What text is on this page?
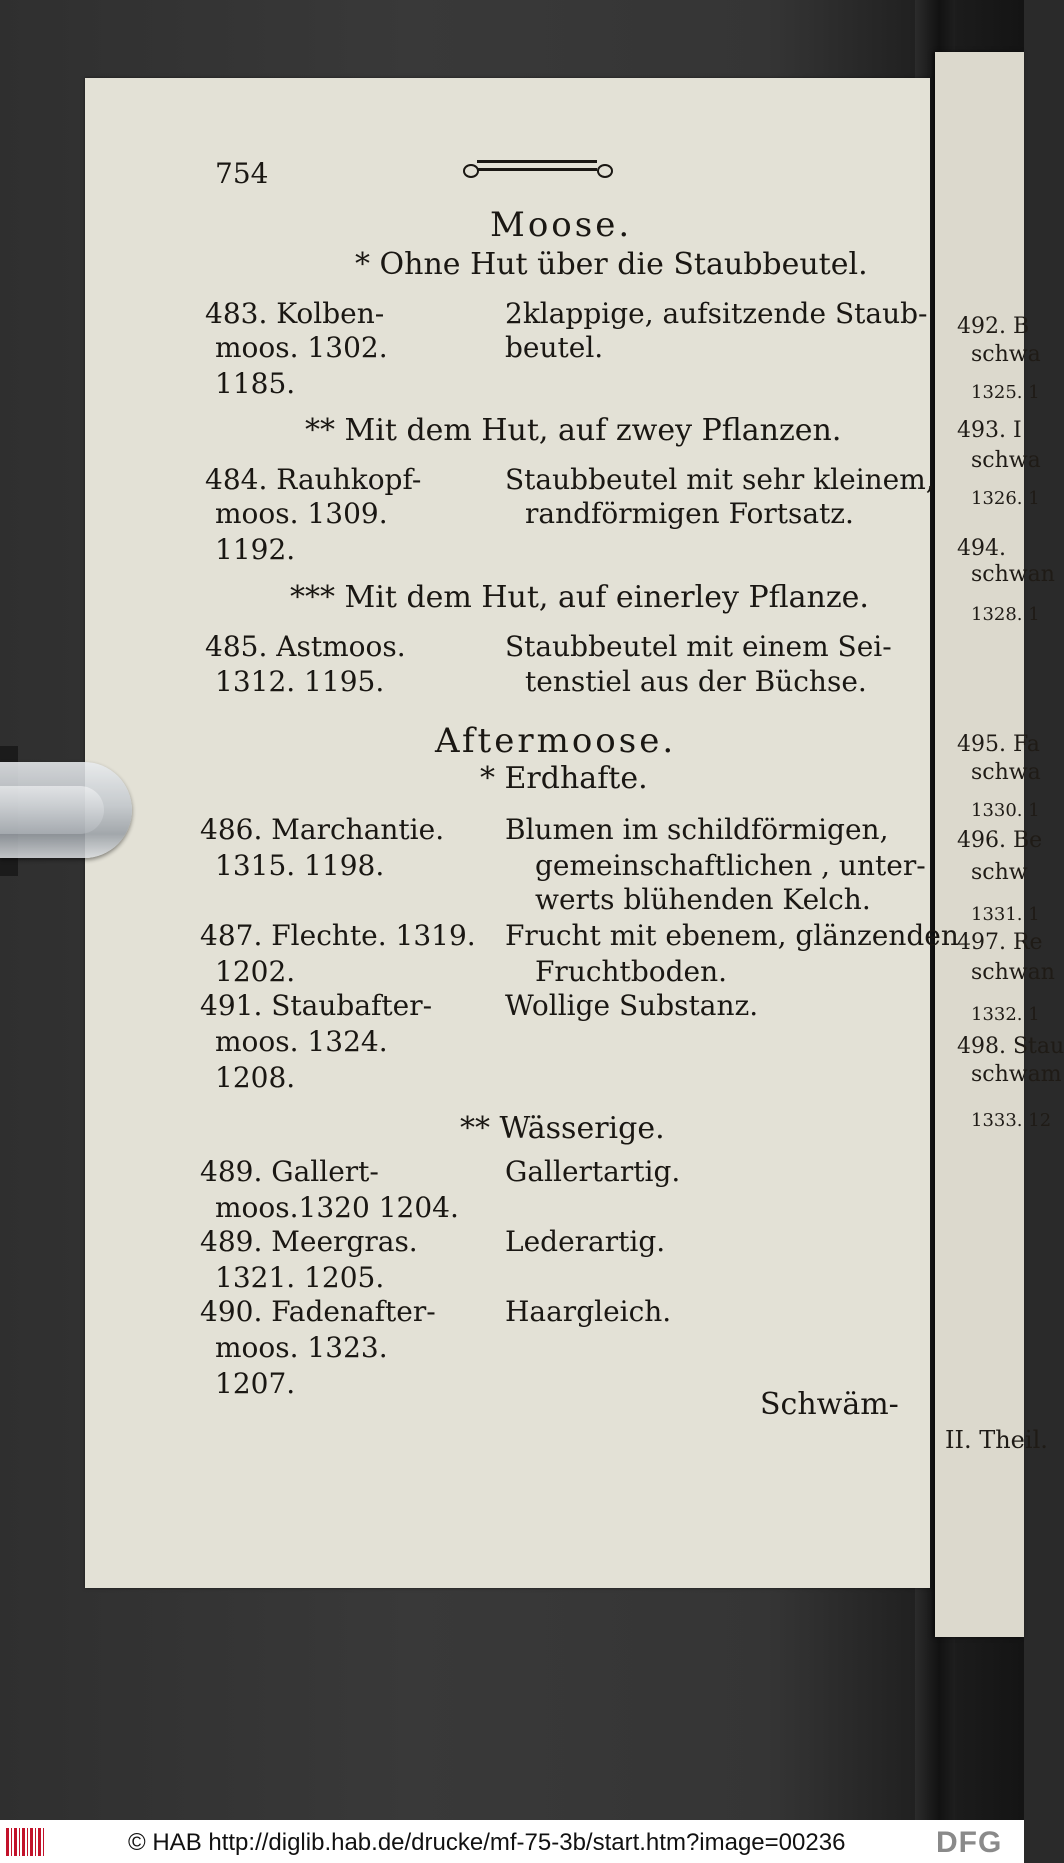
492. B
schwa
1325. 1
493. I
schwa
1326. 1
494.
schwan
1328. 1
495. Fa
schwa
1330. 1
496. Be
schw
1331. 1
497. Re
schwan
1332. 1
498. Stau
schwam
1333. 12
II. Theil.
754
Moose.
* Ohne Hut über die Staubbeutel.
483. Kolben-
moos. 1302.
1185.
2klappige, aufsitzende Staub-
beutel.
** Mit dem Hut, auf zwey Pflanzen.
484. Rauhkopf-
moos. 1309.
1192.
Staubbeutel mit sehr kleinem,
randförmigen Fortsatz.
*** Mit dem Hut, auf einerley Pflanze.
485. Astmoos.
1312. 1195.
Staubbeutel mit einem Sei-
tenstiel aus der Büchse.
Aftermoose.
* Erdhafte.
486. Marchantie.
1315. 1198.
Blumen im schildförmigen,
gemeinschaftlichen , unter-
werts blühenden Kelch.
487. Flechte. 1319.
1202.
Frucht mit ebenem, glänzenden
Fruchtboden.
491. Staubafter-
moos. 1324.
1208.
Wollige Substanz.
** Wässerige.
489. Gallert-
moos.1320 1204.
Gallertartig.
489. Meergras.
1321. 1205.
Lederartig.
490. Fadenafter-
moos. 1323.
1207.
Haargleich.
Schwäm-
© HAB http://diglib.hab.de/drucke/mf-75-3b/start.htm?image=00236	DFG
